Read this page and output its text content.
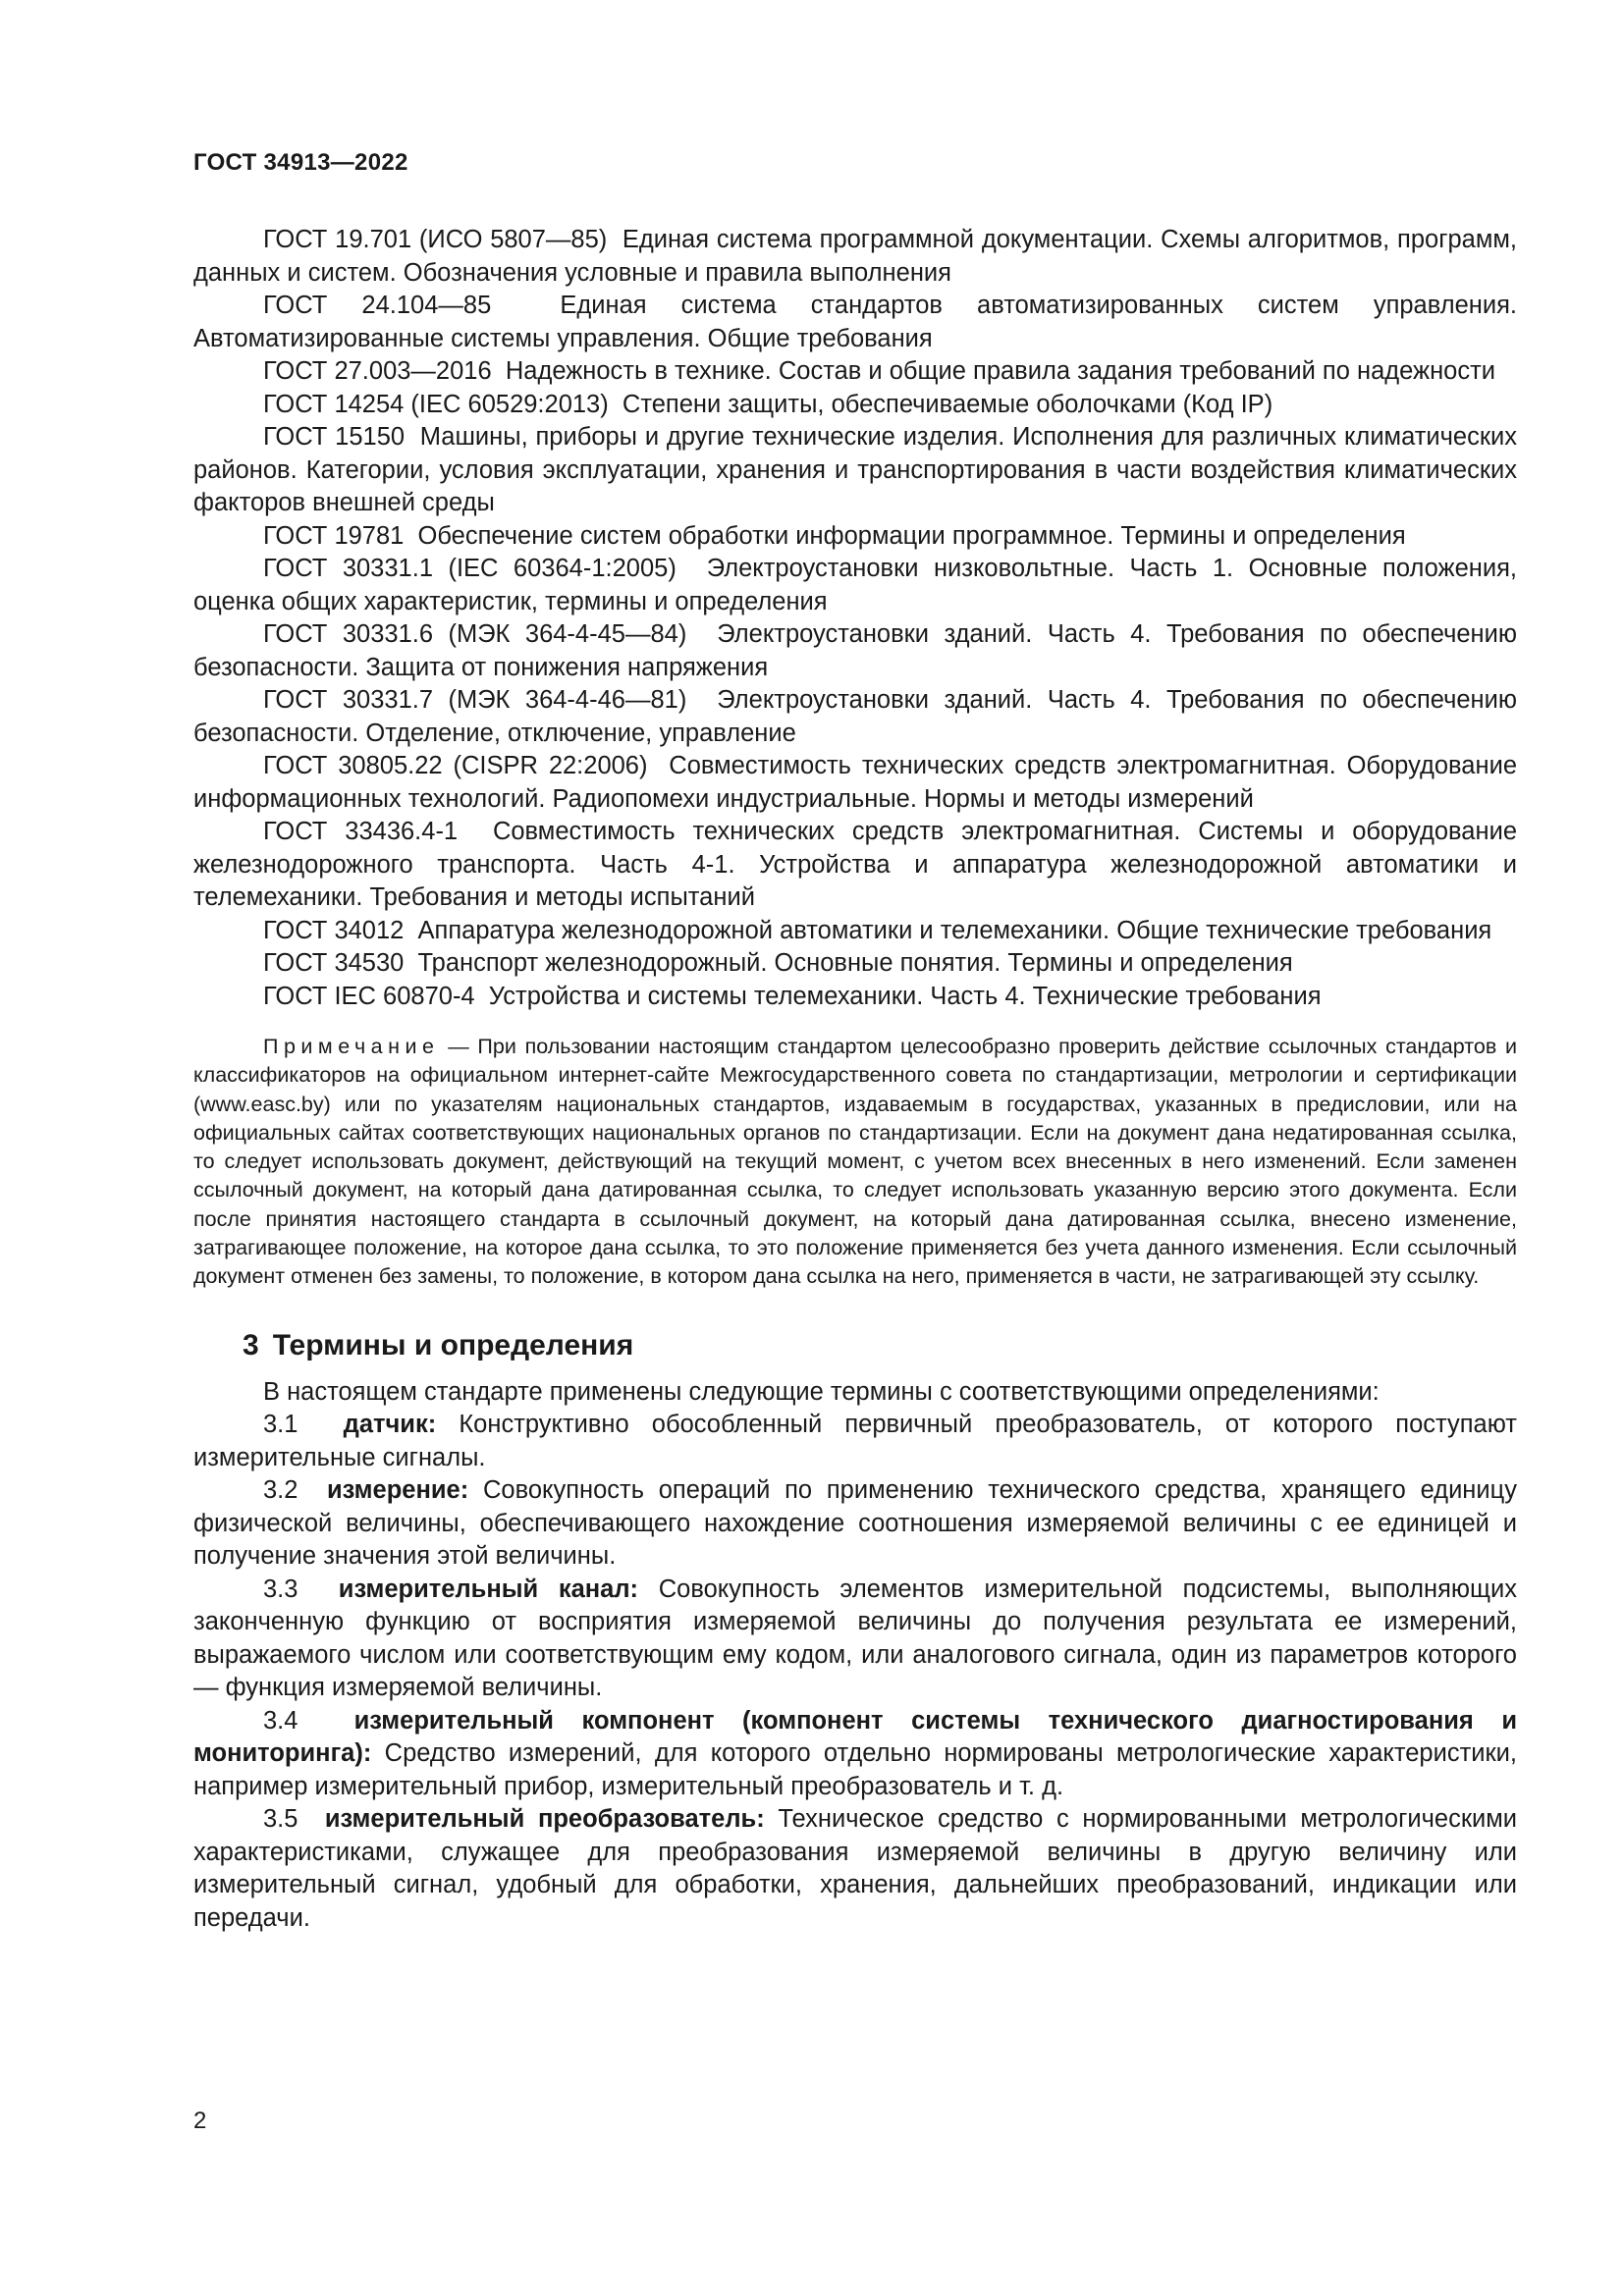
ГОСТ 34913—2022

ГОСТ 19.701 (ИСО 5807—85) Единая система программной документации. Схемы алгоритмов, программ, данных и систем. Обозначения условные и правила выполнения

ГОСТ 24.104—85	Единая система стандартов автоматизированных систем управления. Автоматизированные системы управления. Общие требования

ГОСТ 27.003—2016 Надежность в технике. Состав и общие правила задания требований по надежности

ГОСТ 14254 (IEC 60529:2013) Степени защиты, обеспечиваемые оболочками (Код IP)

ГОСТ 15150 Машины, приборы и другие технические изделия. Исполнения для различных климатических районов. Категории, условия эксплуатации, хранения и транспортирования в части воздействия климатических факторов внешней среды

ГОСТ 19781 Обеспечение систем обработки информации программное. Термины и определения

ГОСТ 30331.1 (IEC 60364-1:2005) Электроустановки низковольтные. Часть 1. Основные положения, оценка общих характеристик, термины и определения

ГОСТ 30331.6 (МЭК 364-4-45—84) Электроустановки зданий. Часть 4. Требования по обеспечению безопасности. Защита от понижения напряжения

ГОСТ 30331.7 (МЭК 364-4-46—81) Электроустановки зданий. Часть 4. Требования по обеспечению безопасности. Отделение, отключение, управление

ГОСТ 30805.22 (CISPR 22:2006) Совместимость технических средств электромагнитная. Оборудование информационных технологий. Радиопомехи индустриальные. Нормы и методы измерений

ГОСТ 33436.4-1 Совместимость технических средств электромагнитная. Системы и оборудование железнодорожного транспорта. Часть 4-1. Устройства и аппаратура железнодорожной автоматики и телемеханики. Требования и методы испытаний

ГОСТ 34012 Аппаратура железнодорожной автоматики и телемеханики. Общие технические требования

ГОСТ 34530 Транспорт железнодорожный. Основные понятия. Термины и определения

ГОСТ IEC 60870-4 Устройства и системы телемеханики. Часть 4. Технические требования

Примечание — При пользовании настоящим стандартом целесообразно проверить действие ссылочных стандартов и классификаторов на официальном интернет-сайте Межгосударственного совета по стандартизации, метрологии и сертификации (www.easc.by) или по указателям национальных стандартов, издаваемым в государствах, указанных в предисловии, или на официальных сайтах соответствующих национальных органов по стандартизации. Если на документ дана недатированная ссылка, то следует использовать документ, действующий на текущий момент, с учетом всех внесенных в него изменений. Если заменен ссылочный документ, на который дана датированная ссылка, то следует использовать указанную версию этого документа. Если после принятия настоящего стандарта в ссылочный документ, на который дана датированная ссылка, внесено изменение, затрагивающее положение, на которое дана ссылка, то это положение применяется без учета данного изменения. Если ссылочный документ отменен без замены, то положение, в котором дана ссылка на него, применяется в части, не затрагивающей эту ссылку.

3 Термины и определения

В настоящем стандарте применены следующие термины с соответствующими определениями:

3.1 датчик: Конструктивно обособленный первичный преобразователь, от которого поступают измерительные сигналы.

3.2 измерение: Совокупность операций по применению технического средства, хранящего единицу физической величины, обеспечивающего нахождение соотношения измеряемой величины с ее единицей и получение значения этой величины.

3.3 измерительный канал: Совокупность элементов измерительной подсистемы, выполняющих законченную функцию от восприятия измеряемой величины до получения результата ее измерений, выражаемого числом или соответствующим ему кодом, или аналогового сигнала, один из параметров которого — функция измеряемой величины.

3.4 измерительный компонент (компонент системы технического диагностирования и мониторинга): Средство измерений, для которого отдельно нормированы метрологические характеристики, например измерительный прибор, измерительный преобразователь и т. д.

3.5 измерительный преобразователь: Техническое средство с нормированными метрологическими характеристиками, служащее для преобразования измеряемой величины в другую величину или измерительный сигнал, удобный для обработки, хранения, дальнейших преобразований, индикации или передачи.

2
